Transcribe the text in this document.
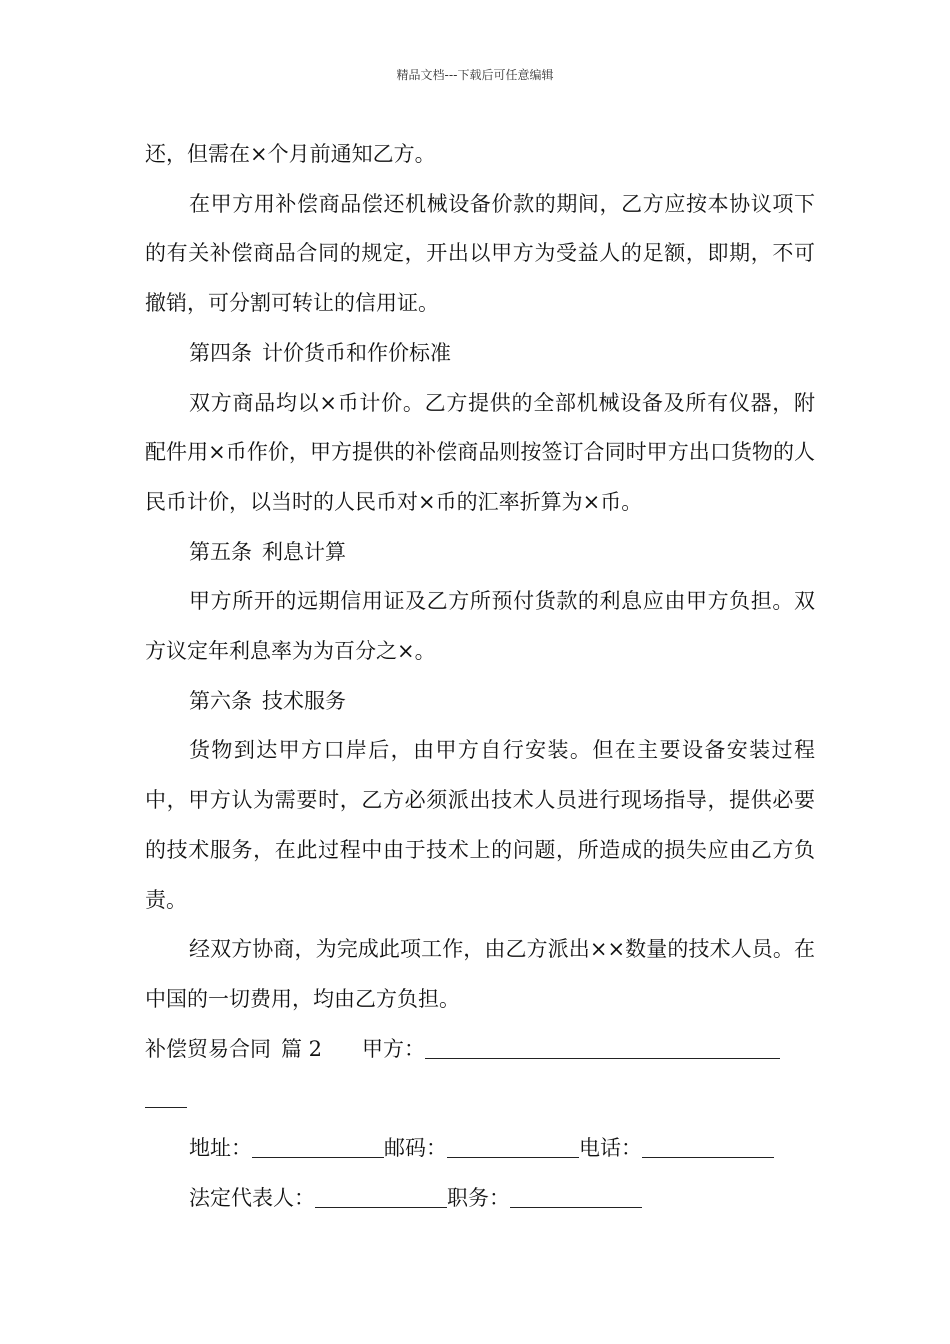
精品文档---下载后可任意编辑

还，但需在×个月前通知乙方。

在甲方用补偿商品偿还机械设备价款的期间，乙方应按本协议项下的有关补偿商品合同的规定，开出以甲方为受益人的足额，即期，不可撤销，可分割可转让的信用证。

第四条 计价货币和作价标准

双方商品均以×币计价。乙方提供的全部机械设备及所有仪器，附配件用×币作价，甲方提供的补偿商品则按签订合同时甲方出口货物的人民币计价，以当时的人民币对×币的汇率折算为×币。

第五条 利息计算

甲方所开的远期信用证及乙方所预付货款的利息应由甲方负担。双方议定年利息率为为百分之×。

第六条 技术服务

货物到达甲方口岸后，由甲方自行安装。但在主要设备安装过程中，甲方认为需要时，乙方必须派出技术人员进行现场指导，提供必要的技术服务，在此过程中由于技术上的问题，所造成的损失应由乙方负责。

经双方协商，为完成此项工作，由乙方派出××数量的技术人员。在中国的一切费用，均由乙方负担。

补偿贸易合同 篇 2 甲方：

地址：	邮码：	电话：

法定代表人：	职务：
